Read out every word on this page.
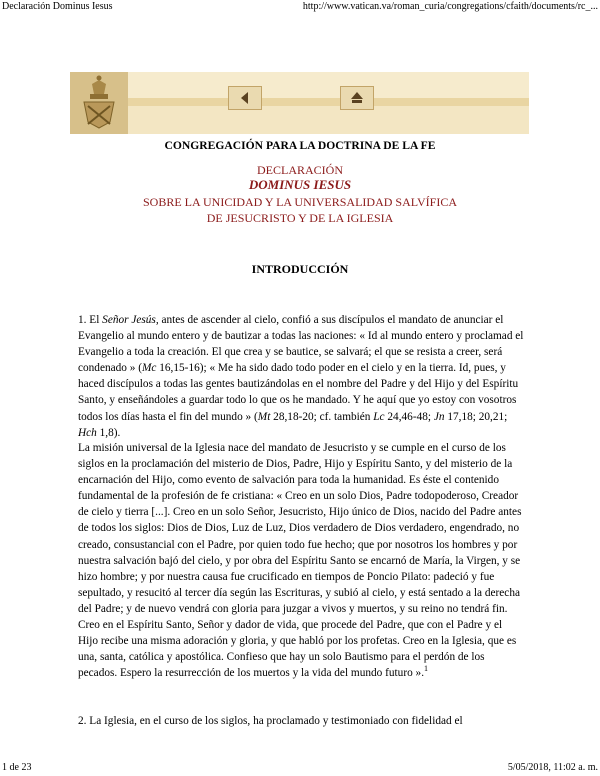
Declaración Dominus Iesus	http://www.vatican.va/roman_curia/congregations/cfaith/documents/rc_...
CONGREGACIÓN PARA LA DOCTRINA DE LA FE
DECLARACIÓN
DOMINUS IESUS
SOBRE LA UNICIDAD Y LA UNIVERSALIDAD SALVÍFICA
DE JESUCRISTO Y DE LA IGLESIA
INTRODUCCIÓN
1. El Señor Jesús, antes de ascender al cielo, confió a sus discípulos el mandato de anunciar el Evangelio al mundo entero y de bautizar a todas las naciones: « Id al mundo entero y proclamad el Evangelio a toda la creación. El que crea y se bautice, se salvará; el que se resista a creer, será condenado » (Mc 16,15-16); « Me ha sido dado todo poder en el cielo y en la tierra. Id, pues, y haced discípulos a todas las gentes bautizándolas en el nombre del Padre y del Hijo y del Espíritu Santo, y enseñándoles a guardar todo lo que os he mandado. Y he aquí que yo estoy con vosotros todos los días hasta el fin del mundo » (Mt 28,18-20; cf. también Lc 24,46-48; Jn 17,18; 20,21; Hch 1,8).
La misión universal de la Iglesia nace del mandato de Jesucristo y se cumple en el curso de los siglos en la proclamación del misterio de Dios, Padre, Hijo y Espíritu Santo, y del misterio de la encarnación del Hijo, como evento de salvación para toda la humanidad. Es éste el contenido fundamental de la profesión de fe cristiana: « Creo en un solo Dios, Padre todopoderoso, Creador de cielo y tierra [...]. Creo en un solo Señor, Jesucristo, Hijo único de Dios, nacido del Padre antes de todos los siglos: Dios de Dios, Luz de Luz, Dios verdadero de Dios verdadero, engendrado, no creado, consustancial con el Padre, por quien todo fue hecho; que por nosotros los hombres y por nuestra salvación bajó del cielo, y por obra del Espíritu Santo se encarnó de María, la Virgen, y se hizo hombre; y por nuestra causa fue crucificado en tiempos de Poncio Pilato: padeció y fue sepultado, y resucitó al tercer día según las Escrituras, y subió al cielo, y está sentado a la derecha del Padre; y de nuevo vendrá con gloria para juzgar a vivos y muertos, y su reino no tendrá fin. Creo en el Espíritu Santo, Señor y dador de vida, que procede del Padre, que con el Padre y el Hijo recibe una misma adoración y gloria, y que habló por los profetas. Creo en la Iglesia, que es una, santa, católica y apostólica. Confieso que hay un solo Bautismo para el perdón de los pecados. Espero la resurrección de los muertos y la vida del mundo futuro ».$^1$
2. La Iglesia, en el curso de los siglos, ha proclamado y testimoniado con fidelidad el
1 de 23	5/05/2018, 11:02 a. m.
